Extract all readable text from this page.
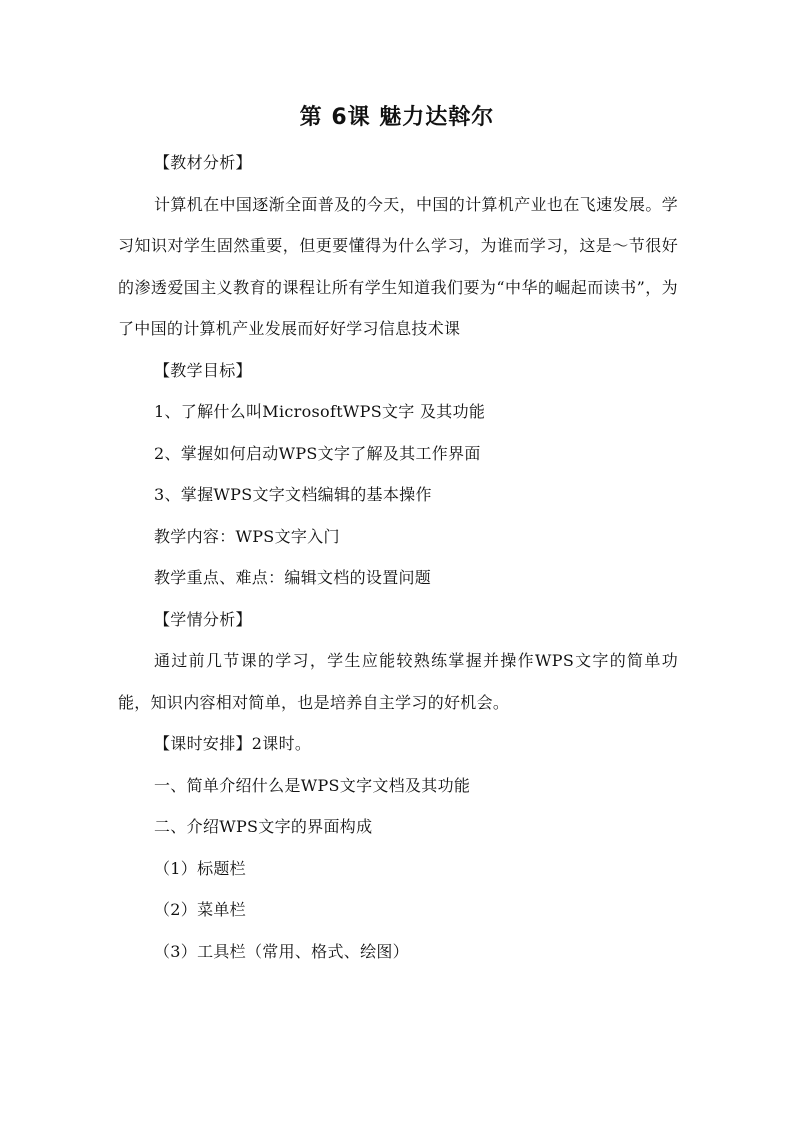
第 6课 魅力达斡尔
【教材分析】
计算机在中国逐渐全面普及的今天，中国的计算机产业也在飞速发展。学习知识对学生固然重要，但更要懂得为什么学习，为谁而学习，这是～节很好的渗透爱国主义教育的课程让所有学生知道我们要为“中华的崛起而读书”，为了中国的计算机产业发展而好好学习信息技术课
【教学目标】
1、了解什么叫MicrosoftWPS文字 及其功能
2、掌握如何启动WPS文字了解及其工作界面
3、掌握WPS文字文档编辑的基本操作
教学内容：WPS文字入门
教学重点、难点：编辑文档的设置问题
【学情分析】
通过前几节课的学习，学生应能较熟练掌握并操作WPS文字的简单功能，知识内容相对简单，也是培养自主学习的好机会。
【课时安排】2课时。
一、简单介绍什么是WPS文字文档及其功能
二、介绍WPS文字的界面构成
（1）标题栏
（2）菜单栏
（3）工具栏（常用、格式、绘图）
